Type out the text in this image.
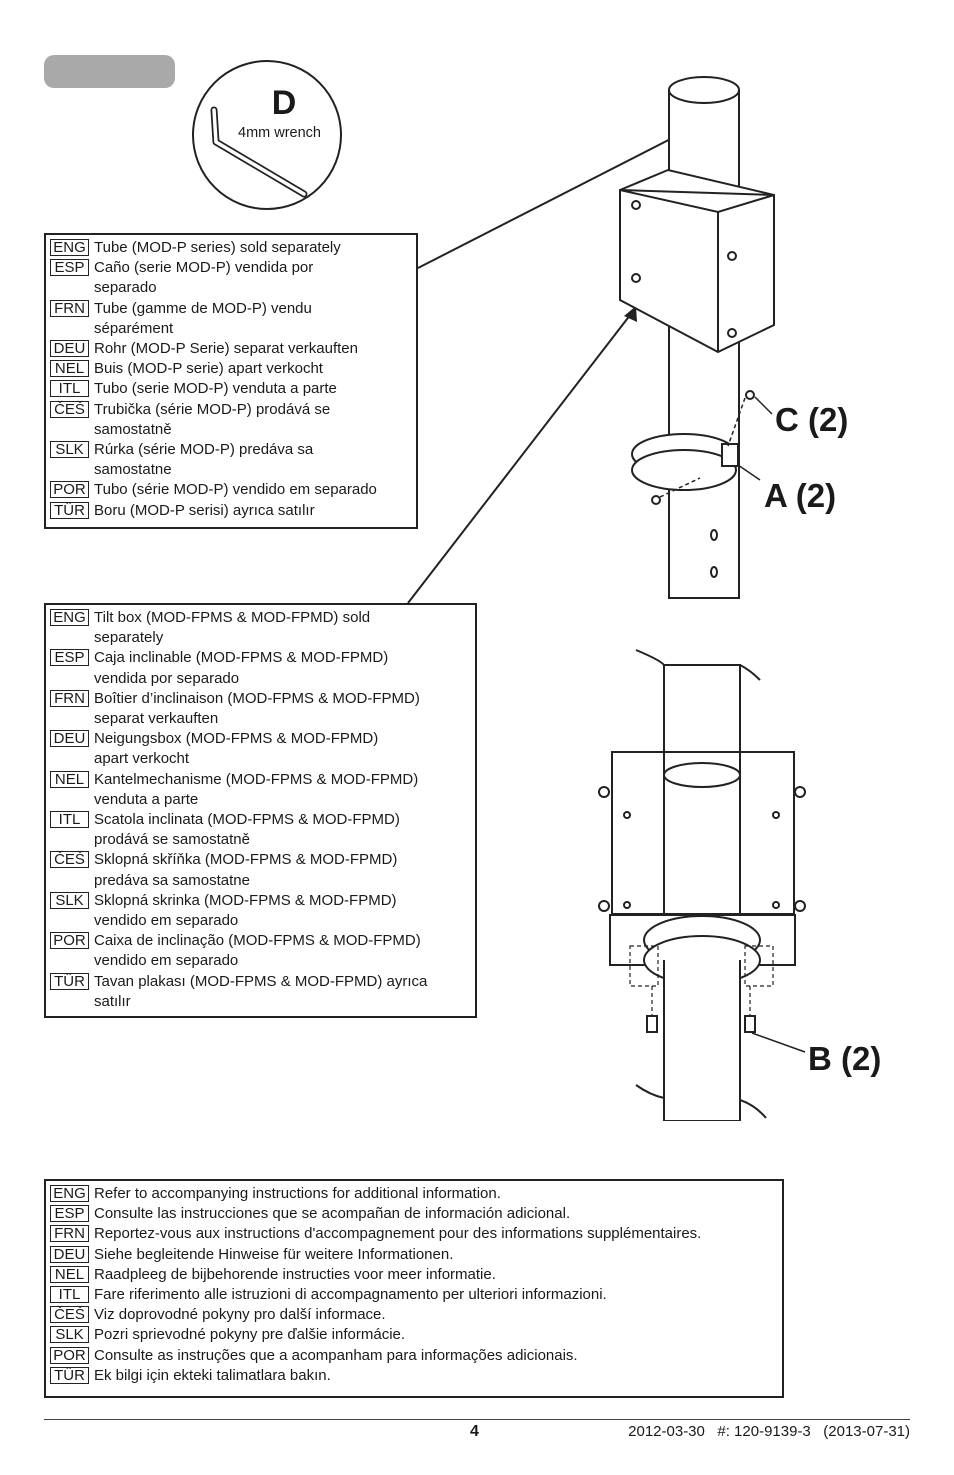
D
4mm wrench
ENG Tube (MOD-P series) sold separately
ESP Caño (serie MOD-P) vendida por
separado
FRN Tube (gamme de MOD-P) vendu
séparément
DEU Rohr (MOD-P Serie) separat verkauften
NEL Buis (MOD-P serie) apart verkocht
ITL Tubo (serie MOD-P) venduta a parte
ČEŠ Trubička (série MOD-P) prodává se
samostatně
SLK Rúrka (série MOD-P) predáva sa
samostatne
POR Tubo (série MOD-P) vendido em separado
TÜR Boru (MOD-P serisi) ayrıca satılır
ENG Tilt box (MOD-FPMS & MOD-FPMD) sold
separately
ESP Caja inclinable (MOD-FPMS & MOD-FPMD)
vendida por separado
FRN Boîtier d’inclinaison (MOD-FPMS & MOD-FPMD)
separat verkauften
DEU Neigungsbox (MOD-FPMS & MOD-FPMD)
apart verkocht
NEL Kantelmechanisme (MOD-FPMS & MOD-FPMD)
venduta a parte
ITL Scatola inclinata (MOD-FPMS & MOD-FPMD)
prodává se samostatně
ČEŠ Sklopná skříňka (MOD-FPMS & MOD-FPMD)
predáva sa samostatne
SLK Sklopná skrinka (MOD-FPMS & MOD-FPMD)
vendido em separado
POR Caixa de inclinação (MOD-FPMS & MOD-FPMD)
vendido em separado
TÜR Tavan plakası (MOD-FPMS & MOD-FPMD) ayrıca
satılır
ENG Refer to accompanying instructions for additional information.
ESP Consulte las instrucciones que se acompañan de información adicional.
FRN Reportez-vous aux instructions d'accompagnement pour des informations supplémentaires.
DEU Siehe begleitende Hinweise für weitere Informationen.
NEL Raadpleeg de bijbehorende instructies voor meer informatie.
ITL Fare riferimento alle istruzioni di accompagnamento per ulteriori informazioni.
ČEŠ Viz doprovodné pokyny pro další informace.
SLK Pozri sprievodné pokyny pre ďalšie informácie.
POR Consulte as instruções que a acompanham para informações adicionais.
TÜR Ek bilgi için ekteki talimatlara bakın.
C (2)
A (2)
B (2)
4	2012-03-30   #: 120-9139-3   (2013-07-31)
